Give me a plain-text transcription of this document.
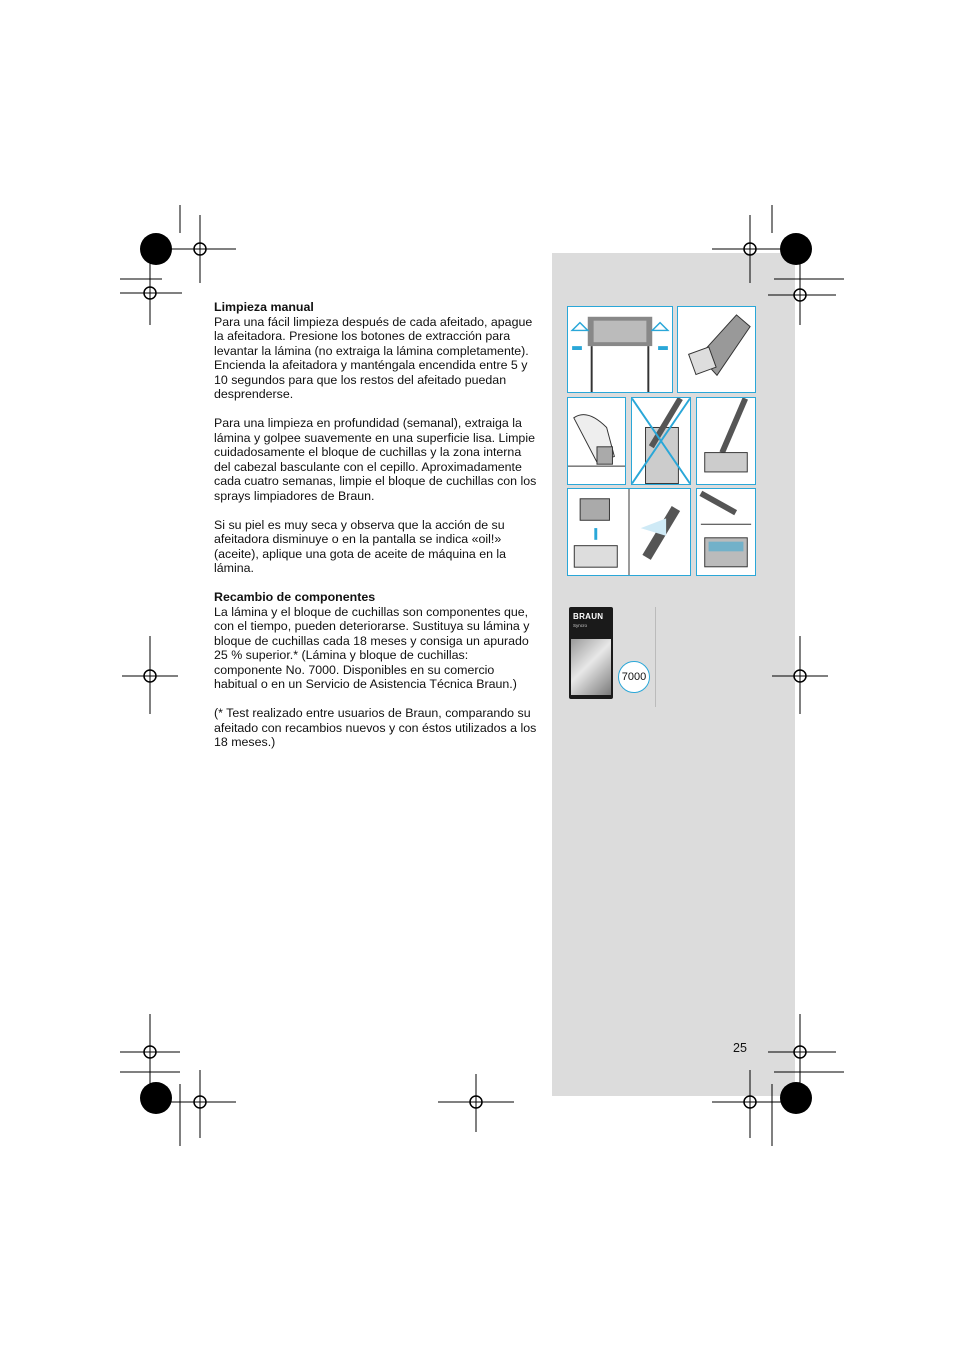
Limpieza manual

Para una fácil limpieza después de cada afeitado, apague la afeitadora. Presione los botones de extracción para levantar la lámina (no extraiga la lámina completamente). Encienda la afeitadora y manténgala encendida entre 5 y 10 segundos para que los restos del afeitado puedan desprenderse.

Para una limpieza en profundidad (semanal), extraiga la lámina y golpee suavemente en una superficie lisa. Limpie cuidadosamente el bloque de cuchillas y la zona interna del cabezal basculante con el cepillo. Aproximadamente cada cuatro semanas, limpie el bloque de cuchillas con los sprays limpiadores de Braun.

Si su piel es muy seca y observa que la acción de su afeitadora disminuye o en la pantalla se indica «oil!» (aceite), aplique una gota de aceite de máquina en la lámina.

Recambio de componentes

La lámina y el bloque de cuchillas son componentes que, con el tiempo, pueden deteriorarse. Sustituya su lámina y bloque de cuchillas cada 18 meses y consiga un apurado 25 % superior.* (Lámina y bloque de cuchillas: componente No. 7000. Disponibles en su comercio habitual o en un Servicio de Asistencia Técnica Braun.)

(* Test realizado entre usuarios de Braun, comparando su afeitado con recambios nuevos y con éstos utilizados a los 18 meses.)

BRAUN
Syncro
7000
25
